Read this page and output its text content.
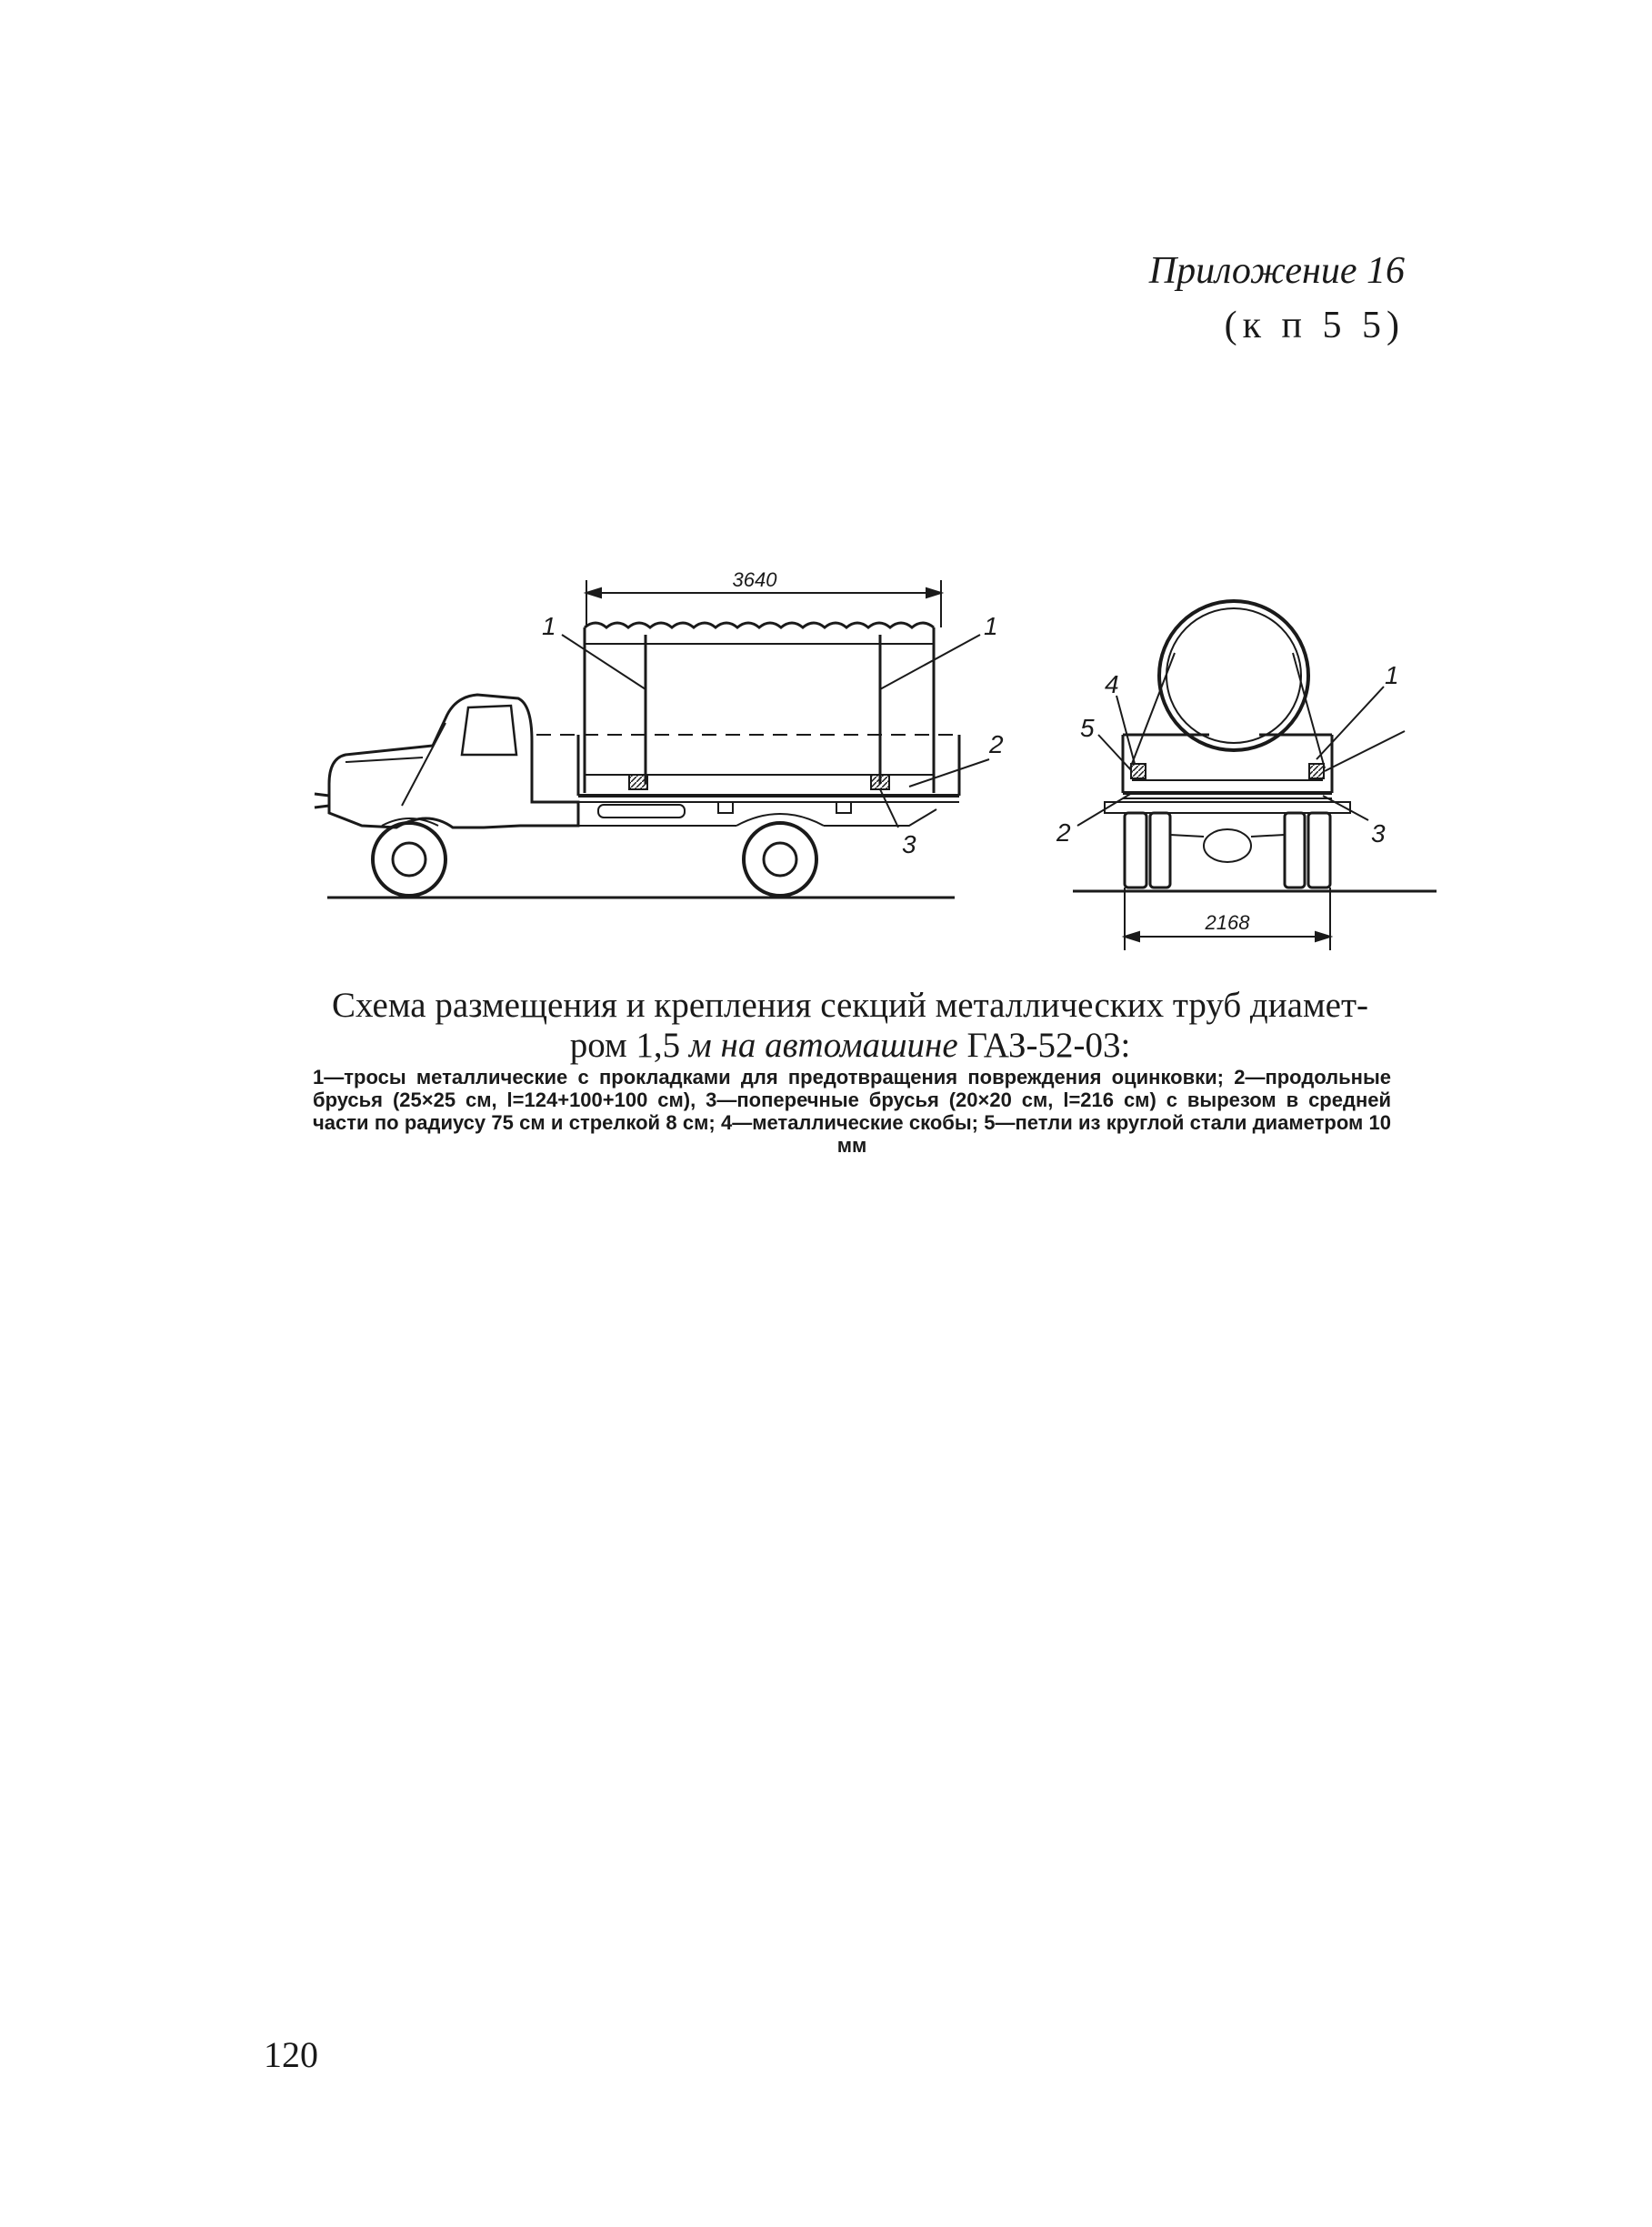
Приложение 16
(к п 5 5)
3640
1	1
2
3
2168
4
5
1
2	3
Схема размещения и крепления секций металлических труб диамет-
ром 1,5 м на автомашине ГАЗ-52-03:
1—тросы металлические с прокладками для предотвращения повреждения оцинковки; 2—продольные брусья (25×25 см, l=124+100+100 см), 3—поперечные брусья (20×20 см, l=216 см) с вырезом в средней части по радиусу 75 см и стрелкой 8 см; 4—металлические скобы; 5—петли из круглой стали диаметром 10 мм
120
